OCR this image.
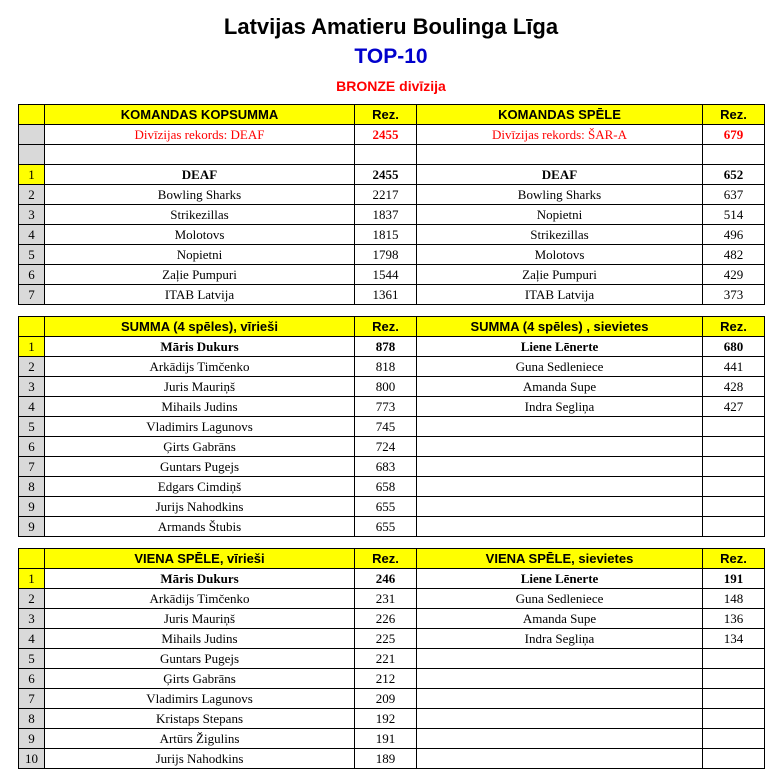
Latvijas Amatieru Boulinga Līga
TOP-10
BRONZE divīzija
	KOMANDAS KOPSUMMA	Rez.	KOMANDAS SPĒLE	Rez.
	Divīzijas rekords: DEAF	2455	Divīzijas rekords: ŠAR-A	679

1	DEAF	2455	DEAF	652
2	Bowling Sharks	2217	Bowling Sharks	637
3	Strikezillas	1837	Nopietni	514
4	Molotovs	1815	Strikezillas	496
5	Nopietni	1798	Molotovs	482
6	Zaļie Pumpuri	1544	Zaļie Pumpuri	429
7	ITAB Latvija	1361	ITAB Latvija	373
	SUMMA (4 spēles), vīrieši	Rez.	SUMMA (4 spēles) , sievietes	Rez.
1	Māris Dukurs	878	Liene Lēnerte	680
2	Arkādijs Timčenko	818	Guna Sedleniece	441
3	Juris Mauriņš	800	Amanda Supe	428
4	Mihails Judins	773	Indra Segliņa	427
5	Vladimirs Lagunovs	745		
6	Ģirts Gabrāns	724		
7	Guntars Pugejs	683		
8	Edgars Cimdiņš	658		
9	Jurijs Nahodkins	655		
9	Armands Štubis	655		
	VIENA SPĒLE, vīrieši	Rez.	VIENA SPĒLE, sievietes	Rez.
1	Māris Dukurs	246	Liene Lēnerte	191
2	Arkādijs Timčenko	231	Guna Sedleniece	148
3	Juris Mauriņš	226	Amanda Supe	136
4	Mihails Judins	225	Indra Segliņa	134
5	Guntars Pugejs	221		
6	Ģirts Gabrāns	212		
7	Vladimirs Lagunovs	209		
8	Kristaps Stepans	192		
9	Artūrs Žigulins	191		
10	Jurijs Nahodkins	189		
